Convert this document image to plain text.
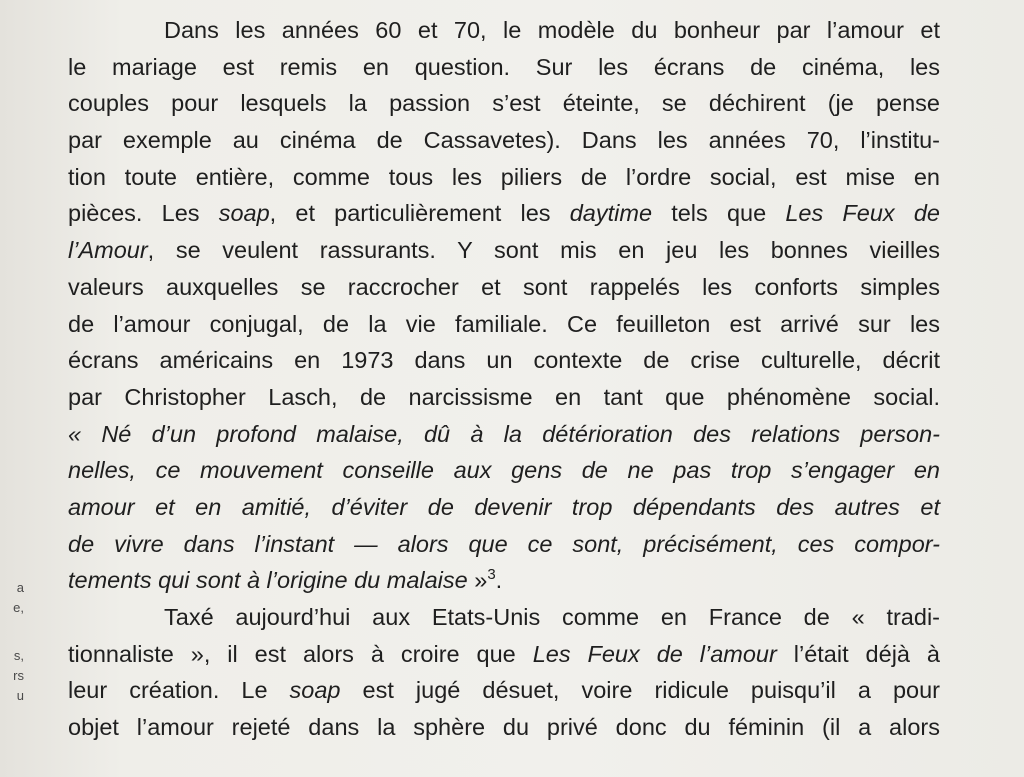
a
e,
s,
rs
u
Dans les années 60 et 70, le modèle du bonheur par l’amour et
le mariage est remis en question. Sur les écrans de cinéma, les
couples pour lesquels la passion s’est éteinte, se déchirent (je pense
par exemple au cinéma de Cassavetes). Dans les années 70, l’institu-
tion toute entière, comme tous les piliers de l’ordre social, est mise en
pièces. Les soap, et particulièrement les daytime tels que Les Feux de
l’Amour, se veulent rassurants. Y sont mis en jeu les bonnes vieilles
valeurs auxquelles se raccrocher et sont rappelés les conforts simples
de l’amour conjugal, de la vie familiale. Ce feuilleton est arrivé sur les
écrans américains en 1973 dans un contexte de crise culturelle, décrit
par Christopher Lasch, de narcissisme en tant que phénomène social.
« Né d’un profond malaise, dû à la détérioration des relations person-
nelles, ce mouvement conseille aux gens de ne pas trop s’engager en
amour et en amitié, d’éviter de devenir trop dépendants des autres et
de vivre dans l’instant — alors que ce sont, précisément, ces compor-
tements qui sont à l’origine du malaise »$^3$.
Taxé aujourd’hui aux Etats-Unis comme en France de « tradi-
tionnaliste », il est alors à croire que Les Feux de l’amour l’était déjà à
leur création. Le soap est jugé désuet, voire ridicule puisqu’il a pour
objet l’amour rejeté dans la sphère du privé donc du féminin (il a alors
